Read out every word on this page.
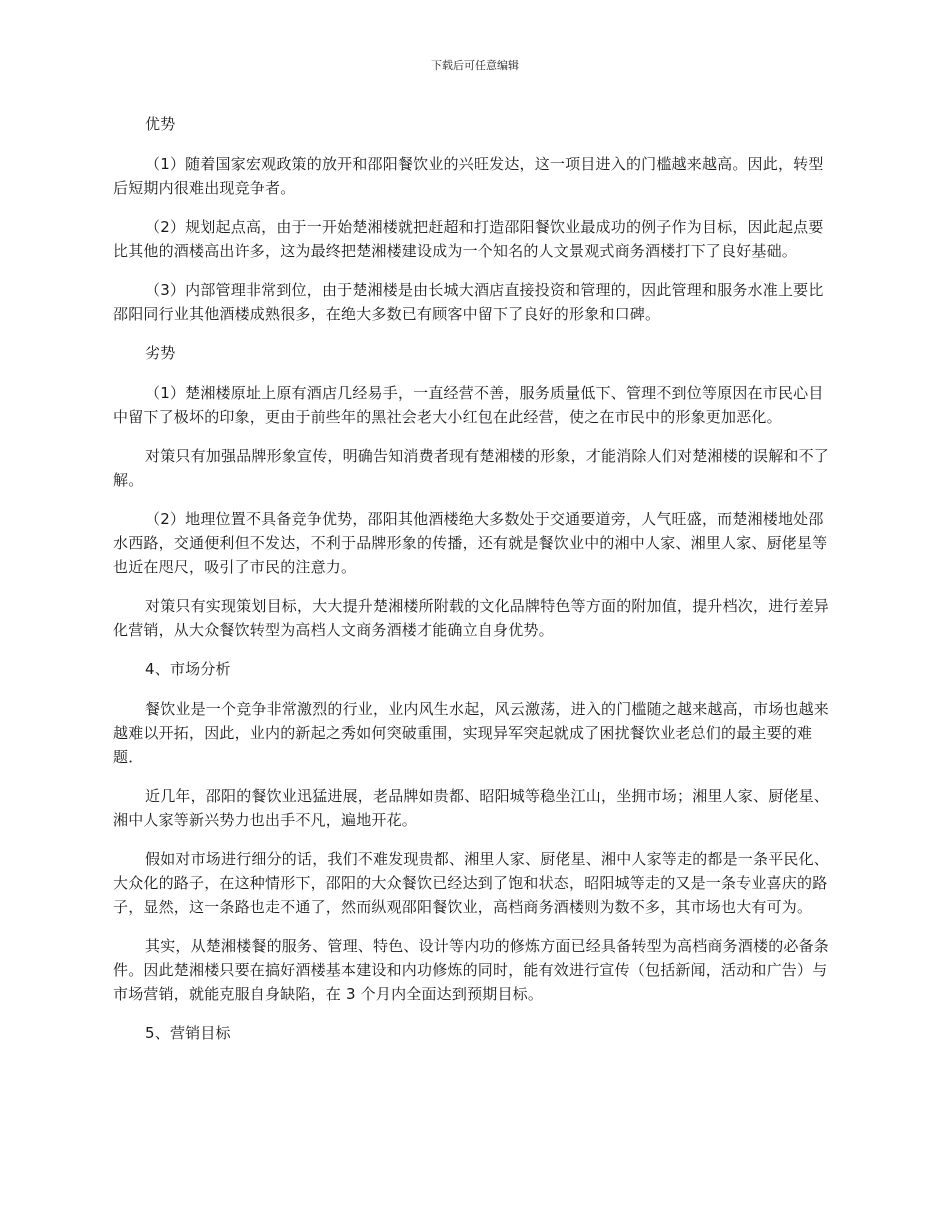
下载后可任意编辑

优势

（1）随着国家宏观政策的放开和邵阳餐饮业的兴旺发达，这一项目进入的门槛越来越高。因此，转型后短期内很难出现竞争者。

（2）规划起点高，由于一开始楚湘楼就把赶超和打造邵阳餐饮业最成功的例子作为目标，因此起点要比其他的酒楼高出许多，这为最终把楚湘楼建设成为一个知名的人文景观式商务酒楼打下了良好基础。

（3）内部管理非常到位，由于楚湘楼是由长城大酒店直接投资和管理的，因此管理和服务水准上要比邵阳同行业其他酒楼成熟很多，在绝大多数已有顾客中留下了良好的形象和口碑。

劣势

（1）楚湘楼原址上原有酒店几经易手，一直经营不善，服务质量低下、管理不到位等原因在市民心目中留下了极坏的印象，更由于前些年的黑社会老大小红包在此经营，使之在市民中的形象更加恶化。

对策只有加强品牌形象宣传，明确告知消费者现有楚湘楼的形象，才能消除人们对楚湘楼的误解和不了解。

（2）地理位置不具备竞争优势，邵阳其他酒楼绝大多数处于交通要道旁，人气旺盛，而楚湘楼地处邵水西路，交通便利但不发达，不利于品牌形象的传播，还有就是餐饮业中的湘中人家、湘里人家、厨佬星等也近在咫尺，吸引了市民的注意力。

对策只有实现策划目标，大大提升楚湘楼所附载的文化品牌特色等方面的附加值，提升档次，进行差异化营销，从大众餐饮转型为高档人文商务酒楼才能确立自身优势。

4、市场分析

餐饮业是一个竞争非常激烈的行业，业内风生水起，风云激荡，进入的门槛随之越来越高，市场也越来越难以开拓，因此，业内的新起之秀如何突破重围，实现异军突起就成了困扰餐饮业老总们的最主要的难题．

近几年，邵阳的餐饮业迅猛进展，老品牌如贵都、昭阳城等稳坐江山，坐拥市场；湘里人家、厨佬星、湘中人家等新兴势力也出手不凡，遍地开花。

假如对市场进行细分的话，我们不难发现贵都、湘里人家、厨佬星、湘中人家等走的都是一条平民化、大众化的路子，在这种情形下，邵阳的大众餐饮已经达到了饱和状态，昭阳城等走的又是一条专业喜庆的路子，显然，这一条路也走不通了，然而纵观邵阳餐饮业，高档商务酒楼则为数不多，其市场也大有可为。

其实，从楚湘楼餐的服务、管理、特色、设计等内功的修炼方面已经具备转型为高档商务酒楼的必备条件。因此楚湘楼只要在搞好酒楼基本建设和内功修炼的同时，能有效进行宣传（包括新闻，活动和广告）与市场营销，就能克服自身缺陷，在 3 个月内全面达到预期目标。

5、营销目标
